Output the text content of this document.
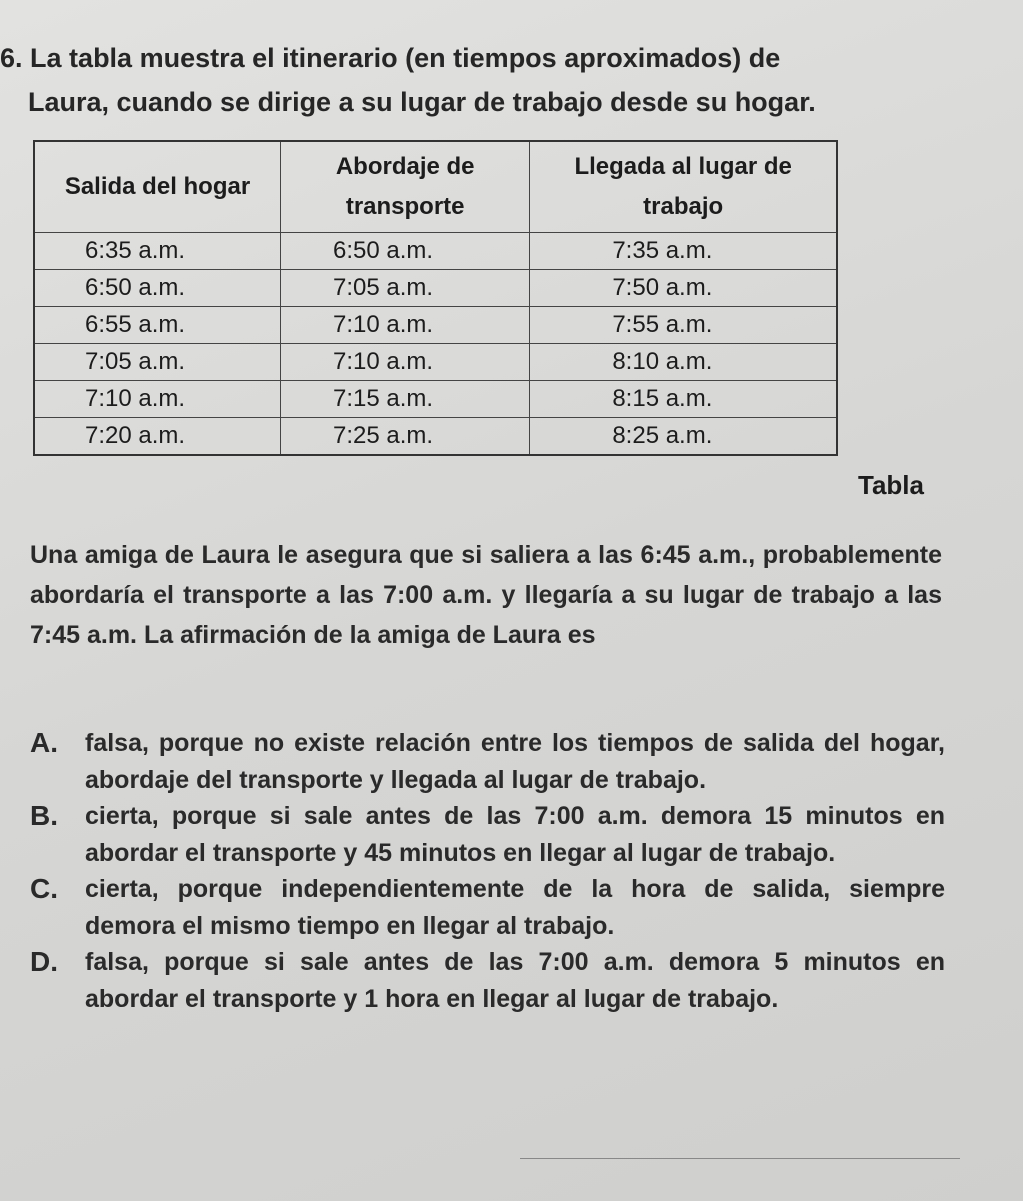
6. La tabla muestra el itinerario (en tiempos aproximados) de
Laura, cuando se dirige a su lugar de trabajo desde su hogar.
Salida del hogar	Abordaje de transporte	Llegada al lugar de trabajo
6:35 a.m.	6:50 a.m.	7:35 a.m.
6:50 a.m.	7:05 a.m.	7:50 a.m.
6:55 a.m.	7:10 a.m.	7:55 a.m.
7:05 a.m.	7:10 a.m.	8:10 a.m.
7:10 a.m.	7:15 a.m.	8:15 a.m.
7:20 a.m.	7:25 a.m.	8:25 a.m.
Tabla
Una amiga de Laura le asegura que si saliera a las 6:45 a.m., probablemente abordaría el transporte a las 7:00 a.m. y llegaría a su lugar de trabajo a las 7:45 a.m. La afirmación de la amiga de Laura es
A. falsa, porque no existe relación entre los tiempos de salida del hogar, abordaje del transporte y llegada al lugar de trabajo.
B. cierta, porque si sale antes de las 7:00 a.m. demora 15 minutos en abordar el transporte y 45 minutos en llegar al lugar de trabajo.
C. cierta, porque independientemente de la hora de salida, siempre demora el mismo tiempo en llegar al trabajo.
D. falsa, porque si sale antes de las 7:00 a.m. demora 5 minutos en abordar el transporte y 1 hora en llegar al lugar de trabajo.
